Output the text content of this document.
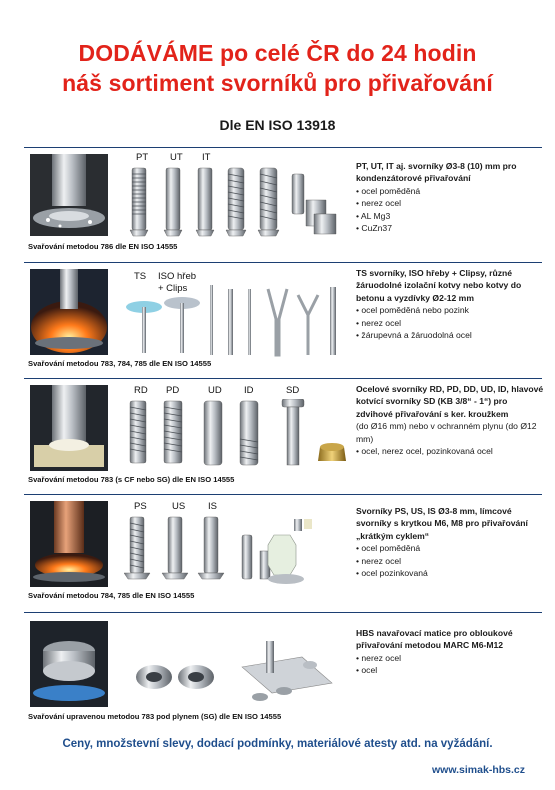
DODÁVÁME po celé ČR do 24 hodin
náš sortiment svorníků pro přivařování
Dle EN ISO 13918
PT UT IT
Svařování metodou 786 dle EN ISO 14555
PT, UT, IT aj. svorníky Ø3-8 (10) mm pro kondenzátorové přivařování
• ocel poměděná
• nerez ocel
• AL Mg3
• CuZn37
TS ISO hřeb
+ Clips
Svařování metodou 783, 784, 785 dle EN ISO 14555
TS svorníky, ISO hřeby + Clipsy, různé žáruodolné izolační kotvy nebo kotvy do betonu a vyzdívky Ø2-12 mm
• ocel poměděná nebo pozink
• nerez ocel
• žárupevná a žáruodolná ocel
RD PD	UD ID	SD
Svařování metodou 783 (s CF nebo SG) dle EN ISO 14555
Ocelové svorníky RD, PD, DD, UD, ID, hlavové kotvící svorníky SD (KB 3/8“ - 1“) pro zdvihové přivařování s ker. kroužkem
(do Ø16 mm) nebo v ochranném plynu (do Ø12 mm)
• ocel, nerez ocel, pozinkovaná ocel
PS	US IS
Svařování metodou 784, 785 dle EN ISO 14555
Svorníky PS, US, IS Ø3-8 mm, límcové svorníky s krytkou M6, M8 pro přivařování „krátkým cyklem“
• ocel poměděná
• nerez ocel
• ocel pozinkovaná
Svařování upravenou metodou 783 pod plynem (SG) dle EN ISO 14555
HBS navařovací matice pro obloukové přivařování metodou MARC M6-M12
• nerez ocel
• ocel
Ceny, množstevní slevy, dodací podmínky, materiálové atesty atd. na vyžádání.
www.simak-hbs.cz
